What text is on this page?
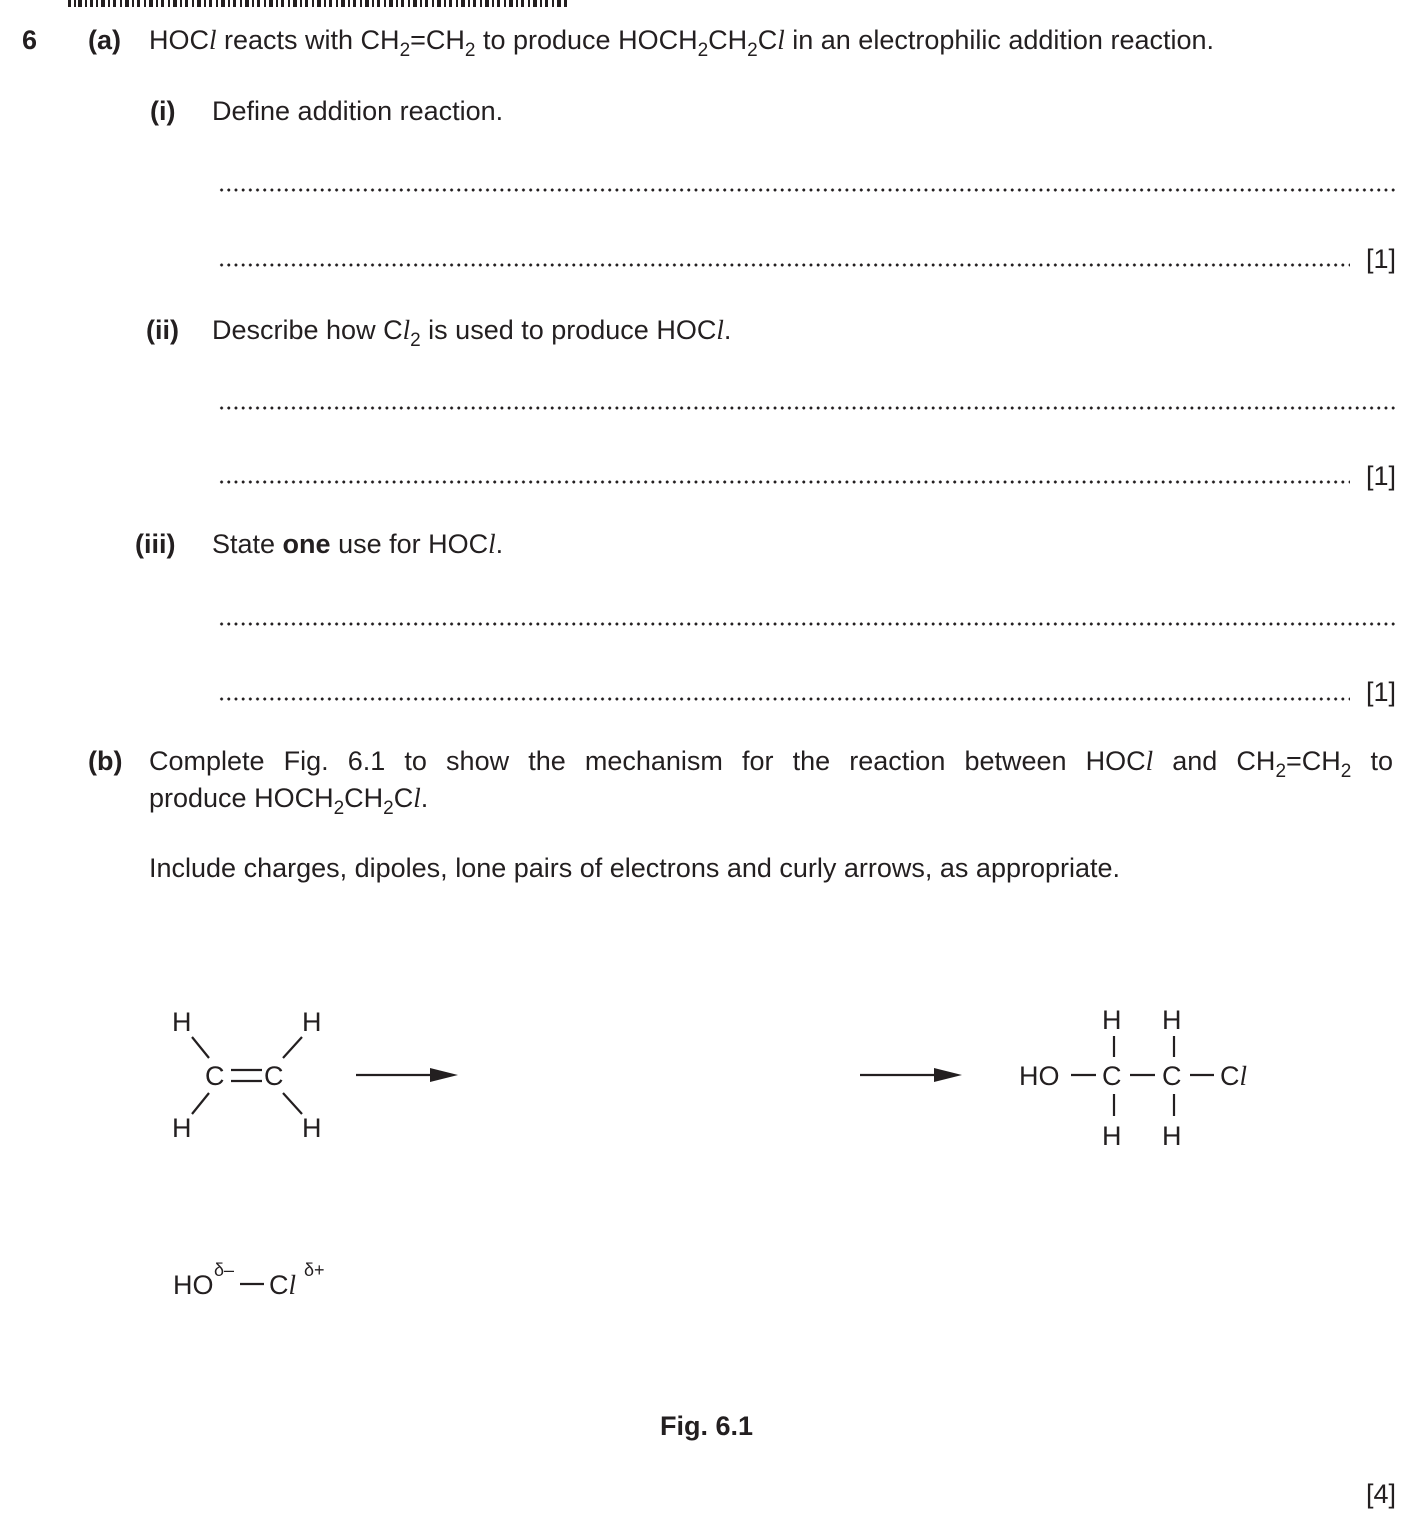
6 (a) HOCl reacts with $CH_2=CH_2$ to produce $HOCH_2CH_2Cl$ in an electrophilic addition reaction.
(i) Define addition reaction.
[1]
(ii) Describe how $Cl_2$ is used to produce HOCl.
[1]
(iii) State one use for HOCl.
[1]
(b) Complete Fig. 6.1 to show the mechanism for the reaction between HOCl and $CH_2=CH_2$ to
produce $HOCH_2CH_2Cl$.
Include charges, dipoles, lone pairs of electrons and curly arrows, as appropriate.
H	H
C C
H	H
H H
HO C C Cl
H H
HO δ– Cl δ+
Fig. 6.1
[4]
